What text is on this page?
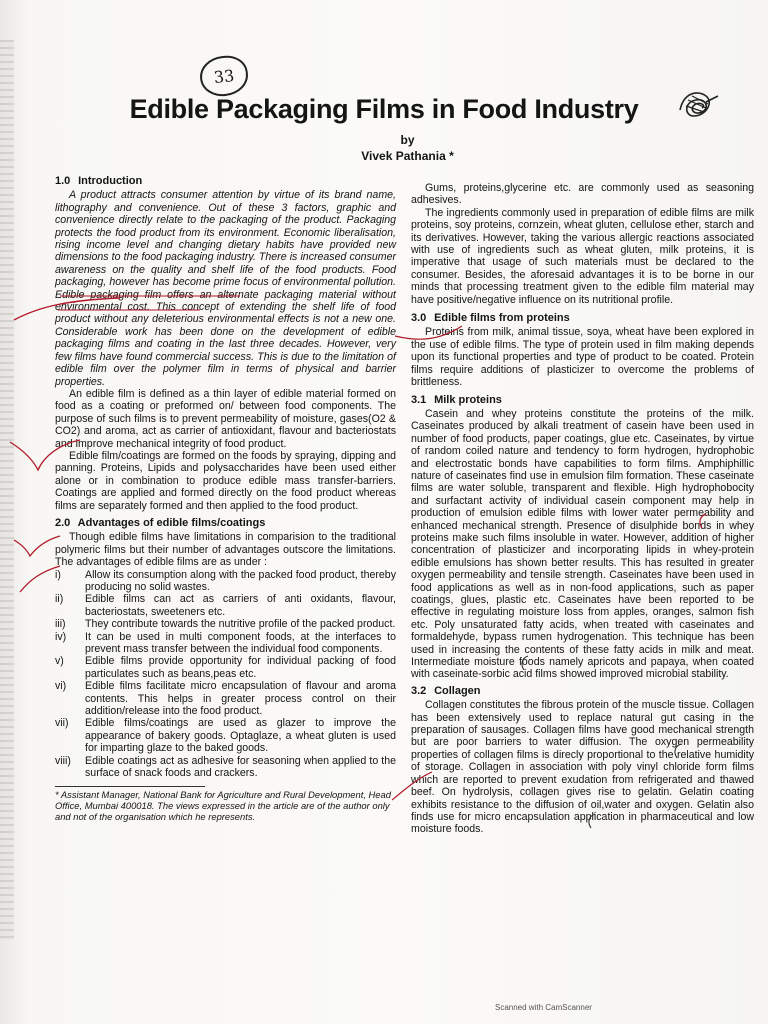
33
Edible Packaging Films in Food Industry
by
Vivek Pathania *
1.0 Introduction

A product attracts consumer attention by virtue of its brand name, lithography and convenience. Out of these 3 factors, graphic and convenience directly relate to the packaging of the product. Packaging protects the food product from its environment. Economic liberalisation, rising income level and changing dietary habits have provided new dimensions to the food packaging industry. There is increased consumer awareness on the quality and shelf life of the food products. Food packaging, however has become prime focus of environmental pollution. Edible packaging film offers an alternate packaging material without environmental cost. This concept of extending the shelf life of food product without any deleterious environmental effects is not a new one. Considerable work has been done on the development of edible packaging films and coating in the last three decades. However, very few films have found commercial success. This is due to the limitation of edible film over the polymer film in terms of physical and barrier properties.

An edible film is defined as a thin layer of edible material formed on food as a coating or preformed on/ between food components. The purpose of such films is to prevent permeability of moisture, gases(O2 & CO2) and aroma, act as carrier of antioxidant, flavour and bacteriostats and improve mechanical integrity of food product.

Edible film/coatings are formed on the foods by spraying, dipping and panning. Proteins, Lipids and polysaccharides have been used either alone or in combination to produce edible mass transfer-barriers. Coatings are applied and formed directly on the food product whereas films are separately formed and then applied to the food product.

2.0 Advantages of edible films/coatings

Though edible films have limitations in comparision to the traditional polymeric films but their number of advantages outscore the limitations. The advantages of edible films are as under :

i)	Allow its consumption along with the packed food product, thereby producing no solid wastes.
ii)	Edible films can act as carriers of anti oxidants, flavour, bacteriostats, sweeteners etc.
iii)	They contribute towards the nutritive profile of the packed product.
iv)	It can be used in multi component foods, at the interfaces to prevent mass transfer between the individual food components.
v)	Edible films provide opportunity for individual packing of food particulates such as beans,peas etc.
vi)	Edible films facilitate micro encapsulation of flavour and aroma contents. This helps in greater process control on their addition/release into the food product.
vii)	Edible films/coatings are used as glazer to improve the appearance of bakery goods. Optaglaze, a wheat gluten is used for imparting glaze to the baked goods.
viii)	Edible coatings act as adhesive for seasoning when applied to the surface of snack foods and crackers.
* Assistant Manager, National Bank for Agriculture and Rural Development, Head Office, Mumbai 400018. The views expressed in the article are of the author only and not of the organisation which he represents.

Gums, proteins,glycerine etc. are commonly used as seasoning adhesives.

The ingredients commonly used in preparation of edible films are milk proteins, soy proteins, cornzein, wheat gluten, cellulose ether, starch and its derivatives. However, taking the various allergic reactions associated with use of ingredients such as wheat gluten, milk proteins, it is imperative that usage of such materials must be declared to the consumer. Besides, the aforesaid advantages it is to be borne in our minds that processing treatment given to the edible film material may have positive/negative influence on its nutritional profile.

3.0 Edible films from proteins

Proteins from milk, animal tissue, soya, wheat have been explored in the use of edible films. The type of protein used in film making depends upon its functional properties and type of product to be coated. Protein films require additions of plasticizer to overcome the problems of brittleness.

3.1 Milk proteins

Casein and whey proteins constitute the proteins of the milk. Caseinates produced by alkali treatment of casein have been used in number of food products, paper coatings, glue etc. Caseinates, by virtue of random coiled nature and tendency to form hydrogen, hydrophobic and electrostatic bonds have capabilities to form films. Amphiphillic nature of caseinates find use in emulsion film formation. These caseinate films are water soluble, transparent and flexible. High hydrophobocity and surfactant activity of individual casein component may help in production of emulsion edible films with lower water permeability and enhanced mechanical strength. Presence of disulphide bonds in whey proteins make such films insoluble in water. However, addition of higher concentration of plasticizer and incorporating lipids in whey-protein edible emulsions has shown better results. This has resulted in greater oxygen permeability and tensile strength. Caseinates have been used in food applications as well as in non-food applications, such as paper coatings, glues, plastic etc. Caseinates have been reported to be effective in regulating moisture loss from apples, oranges, salmon fish etc. Poly unsaturated fatty acids, when treated with caseinates and formaldehyde, bypass rumen hydrogenation. This technique has been used in increasing the contents of these fatty acids in milk and meat. Intermediate moisture foods namely apricots and papaya, when coated with caseinate-sorbic acid films showed improved microbial stability.

3.2 Collagen

Collagen constitutes the fibrous protein of the muscle tissue. Collagen has been extensively used to replace natural gut casing in the preparation of sausages. Collagen films have good mechanical strength but are poor barriers to water diffusion. The oxygen permeability properties of collagen films is direcly proportional to the relative humidity of storage. Collagen in association with poly vinyl chloride form films which are reported to prevent exudation from refrigerated and thawed beef. On hydrolysis, collagen gives rise to gelatin. Gelatin coating exhibits resistance to the diffusion of oil,water and oxygen. Gelatin also finds use for micro encapsulation application in pharmaceutical and low moisture foods.

Scanned with CamScanner
